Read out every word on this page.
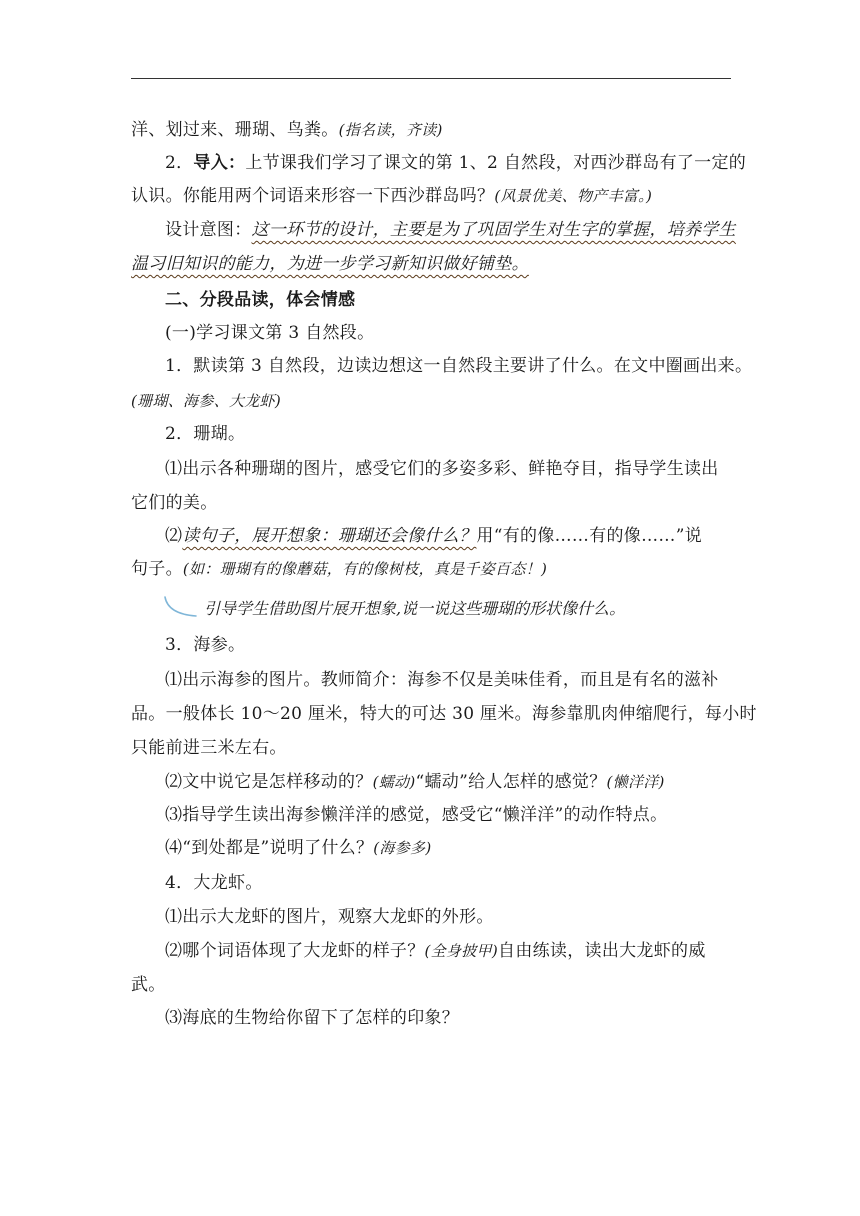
洋、划过来、珊瑚、鸟粪。(指名读，齐读)
2．导入：上节课我们学习了课文的第 1、2 自然段，对西沙群岛有了一定的
认识。你能用两个词语来形容一下西沙群岛吗？(风景优美、物产丰富。)
设计意图：这一环节的设计，主要是为了巩固学生对生字的掌握，培养学生
温习旧知识的能力，为进一步学习新知识做好铺垫。
二、分段品读，体会情感
(一)学习课文第 3 自然段。
1．默读第 3 自然段，边读边想这一自然段主要讲了什么。在文中圈画出来。
(珊瑚、海参、大龙虾)
2．珊瑚。
⑴出示各种珊瑚的图片，感受它们的多姿多彩、鲜艳夺目，指导学生读出
它们的美。
⑵读句子，展开想象：珊瑚还会像什么？用“有的像……有的像……”说
句子。(如：珊瑚有的像蘑菇，有的像树枝，真是千姿百态！)
引导学生借助图片展开想象,说一说这些珊瑚的形状像什么。
3．海参。
⑴出示海参的图片。教师简介：海参不仅是美味佳肴，而且是有名的滋补
品。一般体长 10～20 厘米，特大的可达 30 厘米。海参靠肌肉伸缩爬行，每小时
只能前进三米左右。
⑵文中说它是怎样移动的？(蠕动)“蠕动”给人怎样的感觉？(懒洋洋)
⑶指导学生读出海参懒洋洋的感觉，感受它“懒洋洋”的动作特点。
⑷“到处都是”说明了什么？(海参多)
4．大龙虾。
⑴出示大龙虾的图片，观察大龙虾的外形。
⑵哪个词语体现了大龙虾的样子？(全身披甲)自由练读，读出大龙虾的威
武。
⑶海底的生物给你留下了怎样的印象？
